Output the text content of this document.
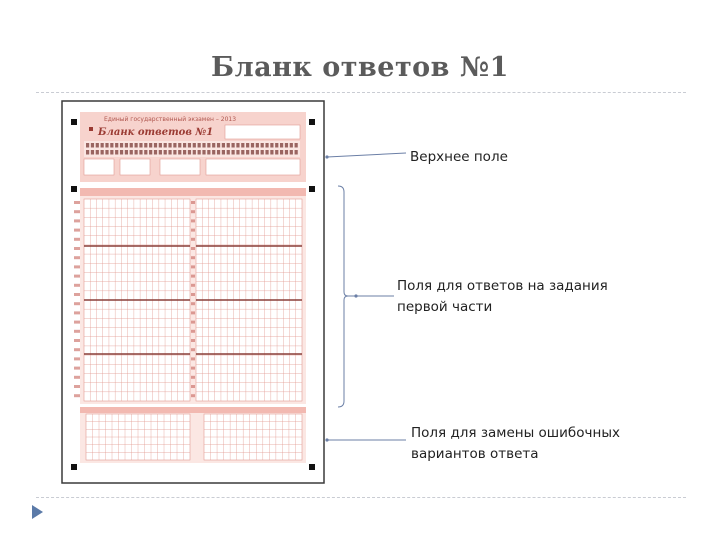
Бланк ответов №1
Единый государственный экзамен – 2013
Бланк ответов №1
Верхнее поле
Поля для ответов на задания первой части
Поля для замены ошибочных вариантов ответа
